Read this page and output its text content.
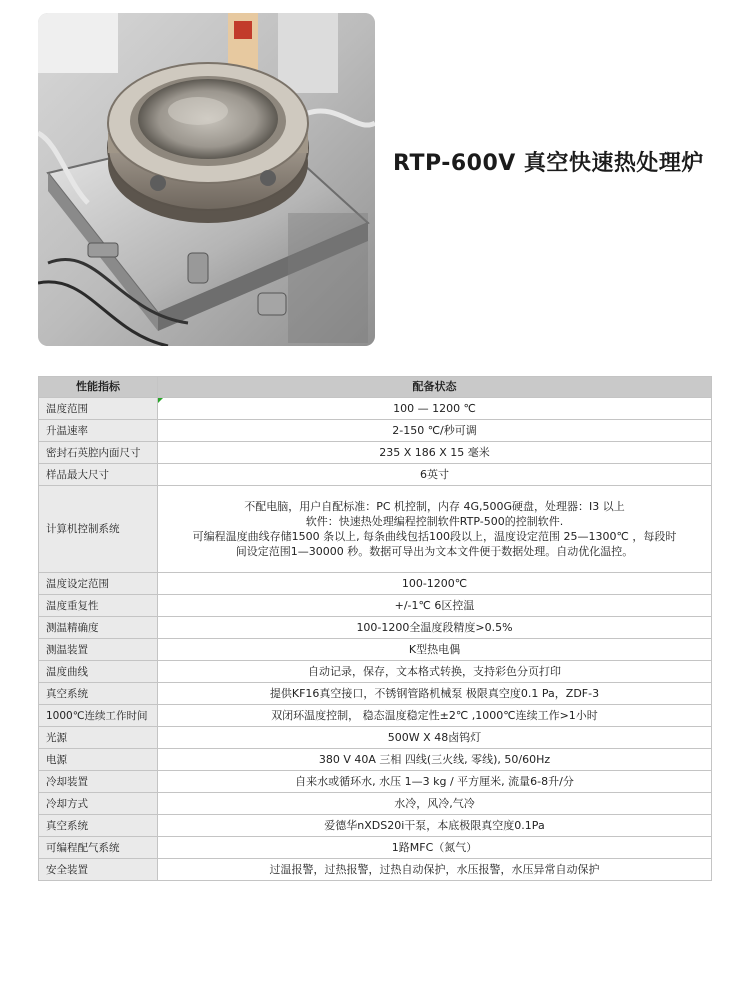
RTP-600V 真空快速热处理炉
性能指标	配备状态
温度范围	100 — 1200 ℃
升温速率	2-150 ℃/秒可调
密封石英腔内面尺寸	235 X 186 X 15 毫米
样品最大尺寸	6英寸
计算机控制系统	不配电脑，用户自配标准：PC 机控制，内存 4G,500G硬盘，处理器：I3 以上
软件：快速热处理编程控制软件RTP-500的控制软件.
可编程温度曲线存储1500 条以上, 每条曲线包括100段以上，温度设定范围 25—1300℃ ，每段时
间设定范围1—30000 秒。数据可导出为文本文件便于数据处理。自动优化温控。

温度设定范围	100-1200℃
温度重复性	+/-1℃ 6区控温
测温精确度	100-1200全温度段精度>0.5%
测温装置	K型热电偶
温度曲线	自动记录，保存，文本格式转换，支持彩色分页打印
真空系统	提供KF16真空接口，不锈钢管路机械泵 极限真空度0.1 Pa，ZDF-3
1000℃连续工作时间	双闭环温度控制， 稳态温度稳定性±2℃ ,1000℃连续工作>1小时
光源	500W X 48卤钨灯
电源	380 V 40A 三相 四线(三火线, 零线), 50/60Hz
冷却装置	自来水或循环水, 水压 1—3 kg / 平方厘米, 流量6-8升/分
冷却方式	水冷，风冷,气冷
真空系统	爱德华nXDS20i干泵，本底极限真空度0.1Pa
可编程配气系统	1路MFC（氮气）
安全装置	过温报警，过热报警，过热自动保护，水压报警，水压异常自动保护
